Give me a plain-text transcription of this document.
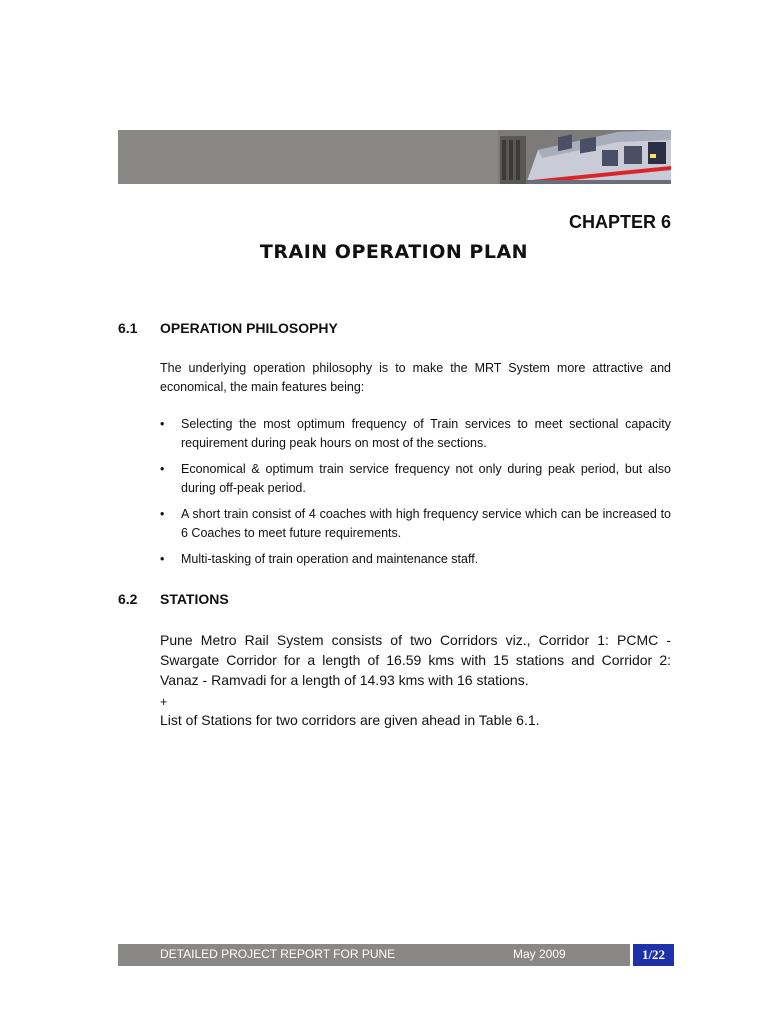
CHAPTER 6
TRAIN OPERATION PLAN
6.1 OPERATION PHILOSOPHY
The underlying operation philosophy is to make the MRT System more attractive and economical, the main features being:
• Selecting the most optimum frequency of Train services to meet sectional capacity requirement during peak hours on most of the sections.
• Economical & optimum train service frequency not only during peak period, but also during off-peak period.
• A short train consist of 4 coaches with high frequency service which can be increased to 6 Coaches to meet future requirements.
• Multi-tasking of train operation and maintenance staff.
6.2 STATIONS
Pune Metro Rail System consists of two Corridors viz., Corridor 1: PCMC - Swargate Corridor for a length of 16.59 kms with 15 stations and Corridor 2: Vanaz - Ramvadi for a length of 14.93 kms with 16 stations.
+
List of Stations for two corridors are given ahead in Table 6.1.
DETAILED PROJECT REPORT FOR PUNE	May 2009	1/22
